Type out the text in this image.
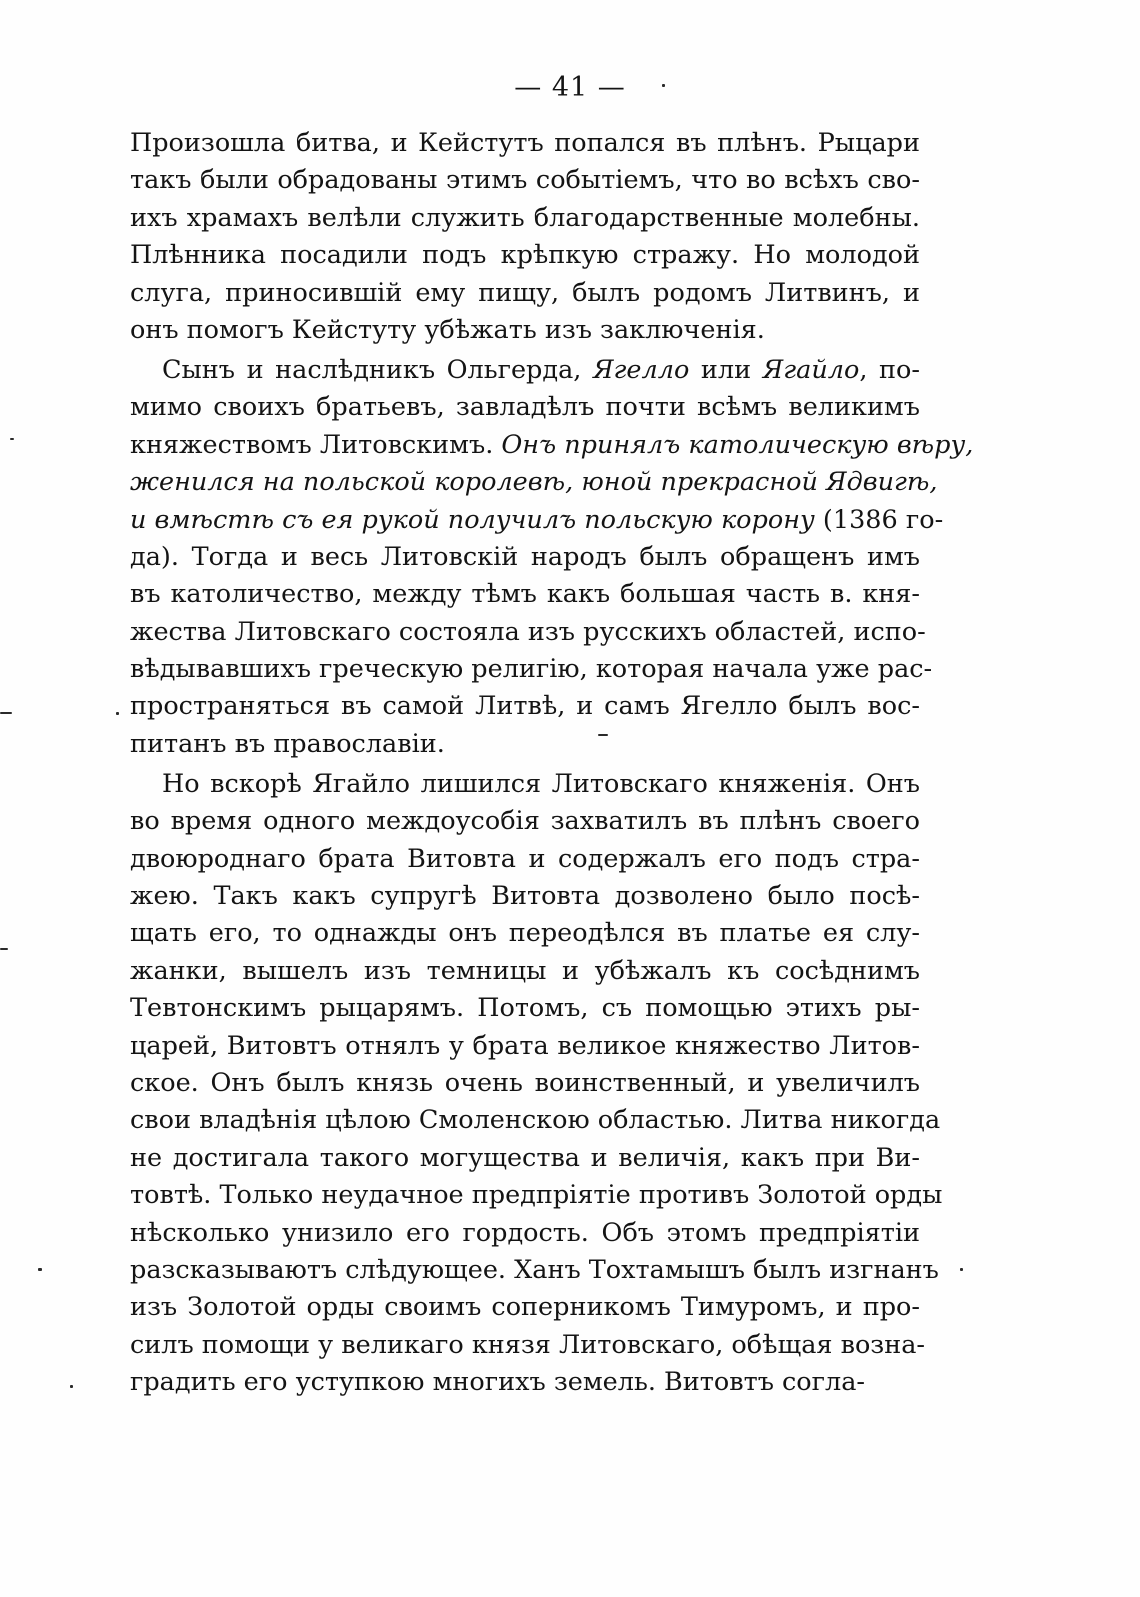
— 41 —
Произошла битва, и Кейстутъ попался въ плѣнъ. Рыцари
такъ были обрадованы этимъ событіемъ, что во всѣхъ сво-
ихъ храмахъ велѣли служить благодарственные молебны.
Плѣнника посадили подъ крѣпкую стражу. Но молодой
слуга, приносившій ему пищу, былъ родомъ Литвинъ, и
онъ помогъ Кейстуту убѣжать изъ заключенія.
Сынъ и наслѣдникъ Ольгерда, Ягелло или Ягайло, по-
мимо своихъ братьевъ, завладѣлъ почти всѣмъ великимъ
княжествомъ Литовскимъ. Онъ принялъ католическую вѣру,
женился на польской королевѣ, юной прекрасной Ядвигѣ,
и вмѣстѣ съ ея рукой получилъ польскую корону (1386 го-
да). Тогда и весь Литовскій народъ былъ обращенъ имъ
въ католичество, между тѣмъ какъ большая часть в. кня-
жества Литовскаго состояла изъ русскихъ областей, испо-
вѣдывавшихъ греческую религію, которая начала уже рас-
пространяться въ самой Литвѣ, и самъ Ягелло былъ вос-
питанъ въ православіи.
Но вскорѣ Ягайло лишился Литовскаго княженія. Онъ
во время одного междоусобія захватилъ въ плѣнъ своего
двоюроднаго брата Витовта и содержалъ его подъ стра-
жею. Такъ какъ супругѣ Витовта дозволено было посѣ-
щать его, то однажды онъ переодѣлся въ платье ея слу-
жанки, вышелъ изъ темницы и убѣжалъ къ сосѣднимъ
Тевтонскимъ рыцарямъ. Потомъ, съ помощью этихъ ры-
царей, Витовтъ отнялъ у брата великое княжество Литов-
ское. Онъ былъ князь очень воинственный, и увеличилъ
свои владѣнія цѣлою Смоленскою областью. Литва никогда
не достигала такого могущества и величія, какъ при Ви-
товтѣ. Только неудачное предпріятіе противъ Золотой орды
нѣсколько унизило его гордость. Объ этомъ предпріятіи
разсказываютъ слѣдующее. Ханъ Тохтамышъ былъ изгнанъ
изъ Золотой орды своимъ соперникомъ Тимуромъ, и про-
силъ помощи у великаго князя Литовскаго, обѣщая возна-
градить его уступкою многихъ земель. Витовтъ согла-
